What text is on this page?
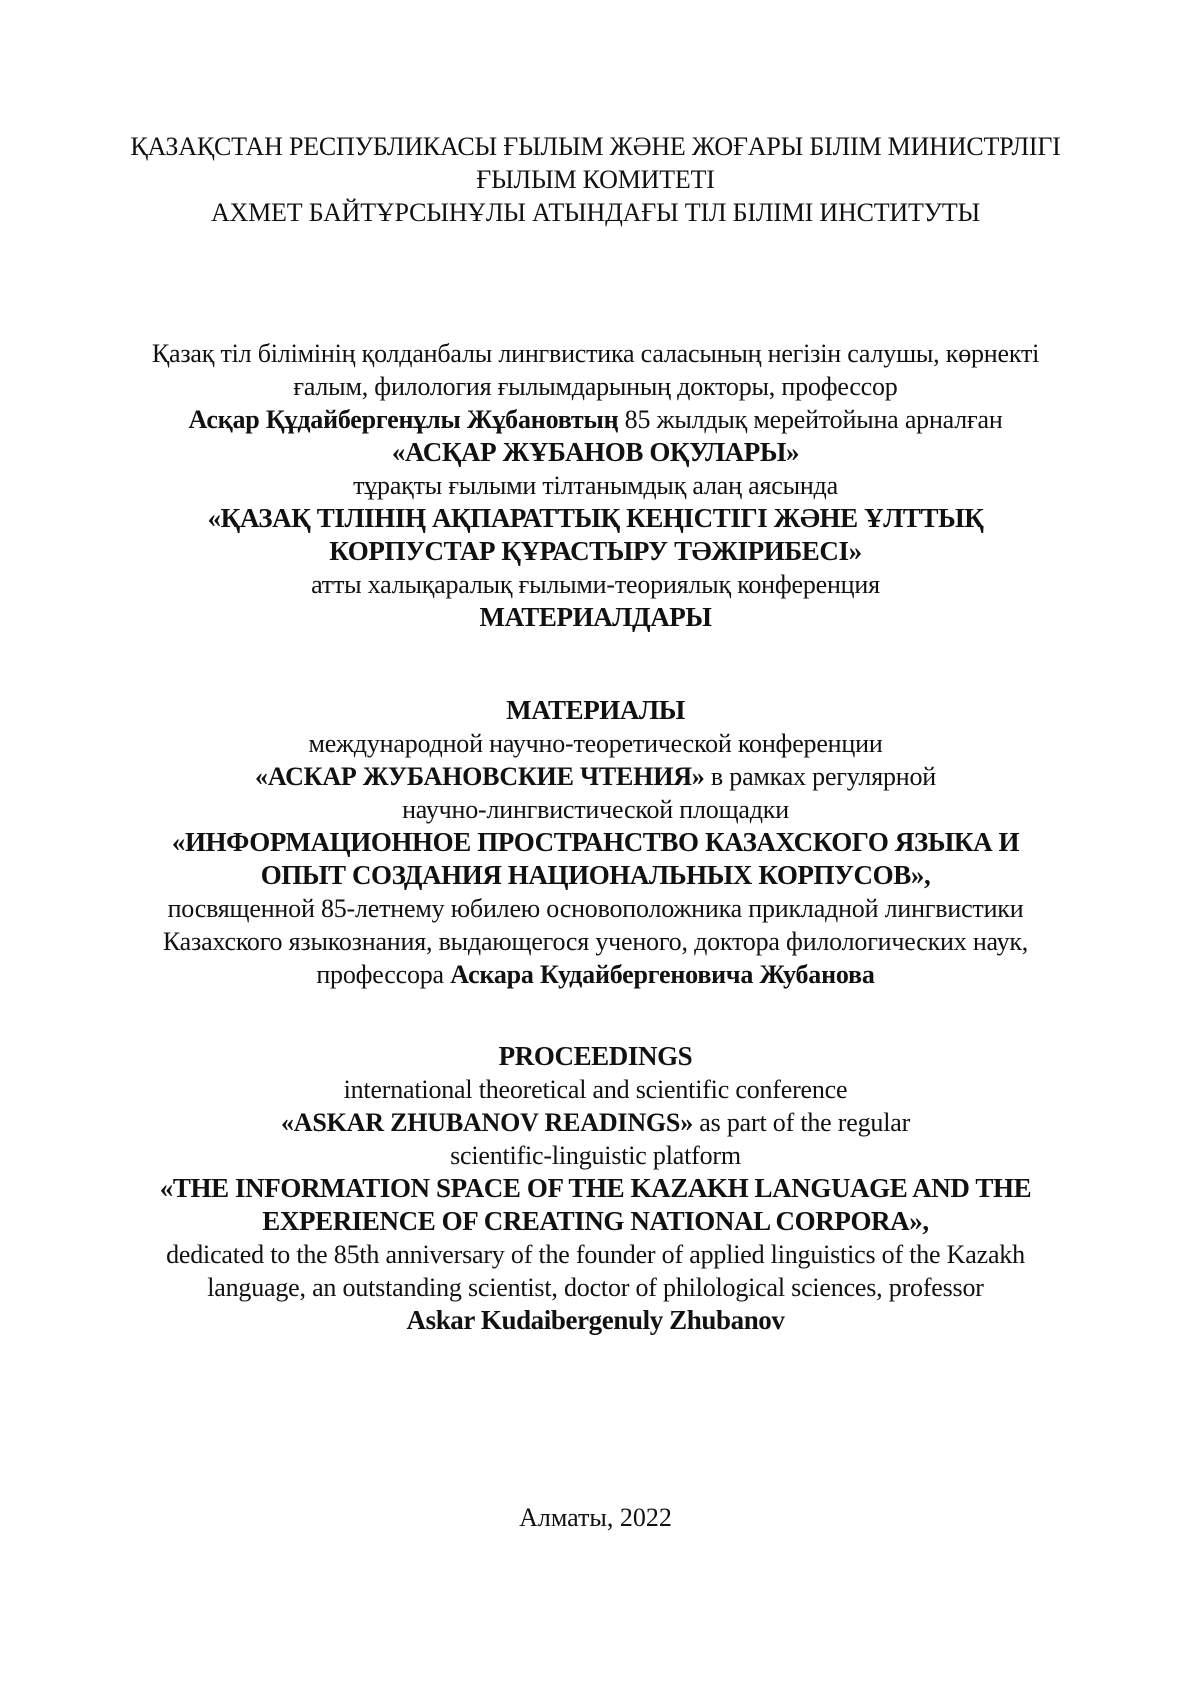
ҚАЗАҚСТАН РЕСПУБЛИКАСЫ ҒЫЛЫМ ЖӘНЕ ЖОҒАРЫ БІЛІМ МИНИСТРЛІГІ
ҒЫЛЫМ КОМИТЕТІ
АХМЕТ БАЙТҰРСЫНҰЛЫ АТЫНДАҒЫ ТІЛ БІЛІМІ ИНСТИТУТЫ
Қазақ тіл білімінің қолданбалы лингвистика саласының негізін салушы, көрнекті
ғалым, филология ғылымдарының докторы, профессор
Асқар Құдайбергенұлы Жұбановтың 85 жылдық мерейтойына арналған
«АСҚАР ЖҰБАНОВ ОҚУЛАРЫ»
тұрақты ғылыми тілтанымдық алаң аясында
«ҚАЗАҚ ТІЛІНІҢ АҚПАРАТТЫҚ КЕҢІСТІГІ ЖӘНЕ ҰЛТТЫҚ
КОРПУСТАР ҚҰРАСТЫРУ ТӘЖІРИБЕСІ»
атты халықаралық ғылыми-теориялық конференция
МАТЕРИАЛДАРЫ
МАТЕРИАЛЫ
международной научно-теоретической конференции
«АСКАР ЖУБАНОВСКИЕ ЧТЕНИЯ» в рамках регулярной
научно-лингвистической площадки
«ИНФОРМАЦИОННОЕ ПРОСТРАНСТВО КАЗАХСКОГО ЯЗЫКА И
ОПЫТ СОЗДАНИЯ НАЦИОНАЛЬНЫХ КОРПУСОВ»,
посвященной 85-летнему юбилею основоположника прикладной лингвистики
Казахского языкознания, выдающегося ученого, доктора филологических наук,
профессора Аскара Кудайбергеновича Жубанова
PROCEEDINGS
international theoretical and scientific conference
«ASKAR ZHUBANOV READINGS» as part of the regular
scientific-linguistic platform
«THE INFORMATION SPACE OF THE KAZAKH LANGUAGE AND THE
EXPERIENCE OF CREATING NATIONAL CORPORA»,
dedicated to the 85th anniversary of the founder of applied linguistics of the Kazakh
language, an outstanding scientist, doctor of philological sciences, professor
Askar Kudaibergenuly Zhubanov
Алматы, 2022
